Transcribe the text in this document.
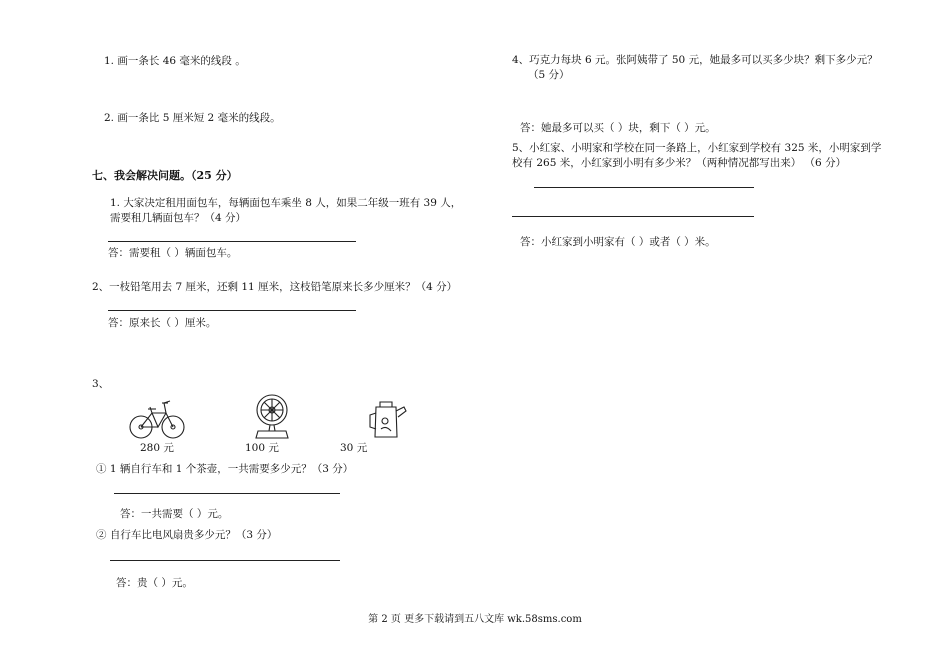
1. 画一条长 46 毫米的线段 。
2. 画一条比 5 厘米短 2 毫米的线段。
七、我会解决问题。（25 分）
1. 大家决定租用面包车，每辆面包车乘坐 8 人，如果二年级一班有 39 人，
需要租几辆面包车？（4 分）
答：需要租（ ）辆面包车。
2、一枝铅笔用去 7 厘米，还剩 11 厘米，这枝铅笔原来长多少厘米？（4 分）
答：原来长（ ）厘米。
3、
280 元	100 元	30 元
① 1 辆自行车和 1 个茶壶，一共需要多少元？（3 分）
答：一共需要（ ）元。
② 自行车比电风扇贵多少元？（3 分）
答：贵（ ）元。
4、巧克力每块 6 元。张阿姨带了 50 元，她最多可以买多少块？剩下多少元？
（5 分）
答：她最多可以买（ ）块，剩下（ ）元。
5、小红家、小明家和学校在同一条路上，小红家到学校有 325 米，小明家到学
校有 265 米，小红家到小明有多少米？（两种情况都写出来） （6 分）
答：小红家到小明家有（ ）或者（ ）米。
第 2 页 更多下载请到五八文库 wk.58sms.com
